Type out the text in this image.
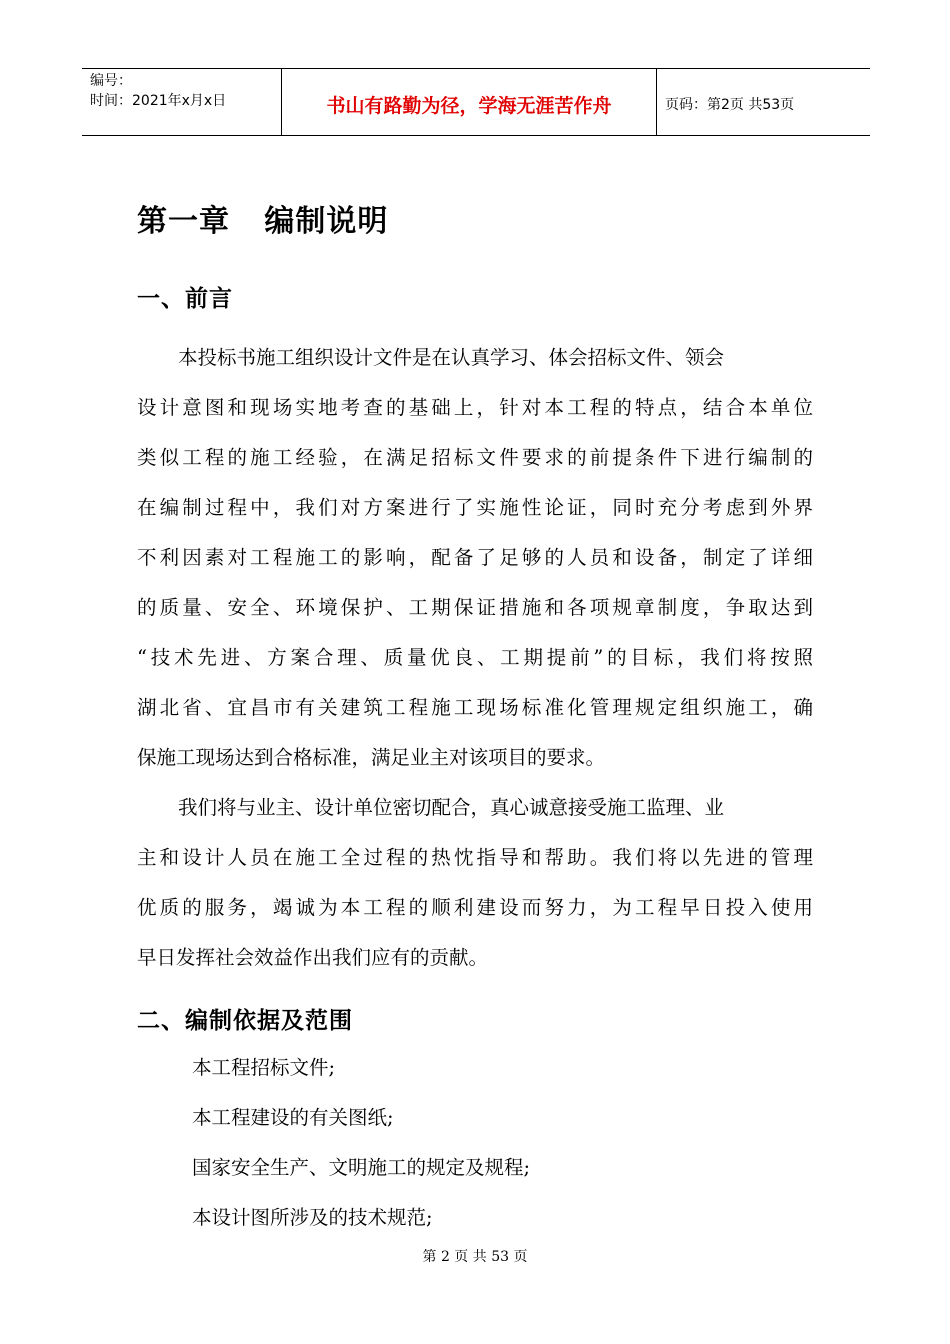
编号：
时间：2021年x月x日	书山有路勤为径，学海无涯苦作舟	页码：第2页 共53页
第一章   编制说明
一、前言
本投标书施工组织设计文件是在认真学习、体会招标文件、领会
设计意图和现场实地考查的基础上，针对本工程的特点，结合本单位
类似工程的施工经验，在满足招标文件要求的前提条件下进行编制的
在编制过程中，我们对方案进行了实施性论证，同时充分考虑到外界
不利因素对工程施工的影响，配备了足够的人员和设备，制定了详细
的质量、安全、环境保护、工期保证措施和各项规章制度，争取达到
“技术先进、方案合理、质量优良、工期提前”的目标，我们将按照
湖北省、宜昌市有关建筑工程施工现场标准化管理规定组织施工，确
保施工现场达到合格标准，满足业主对该项目的要求。
我们将与业主、设计单位密切配合，真心诚意接受施工监理、业
主和设计人员在施工全过程的热忱指导和帮助。我们将以先进的管理
优质的服务，竭诚为本工程的顺利建设而努力，为工程早日投入使用
早日发挥社会效益作出我们应有的贡献。
二、编制依据及范围
本工程招标文件;
本工程建设的有关图纸;
国家安全生产、文明施工的规定及规程;
本设计图所涉及的技术规范;
第 2 页 共 53 页
